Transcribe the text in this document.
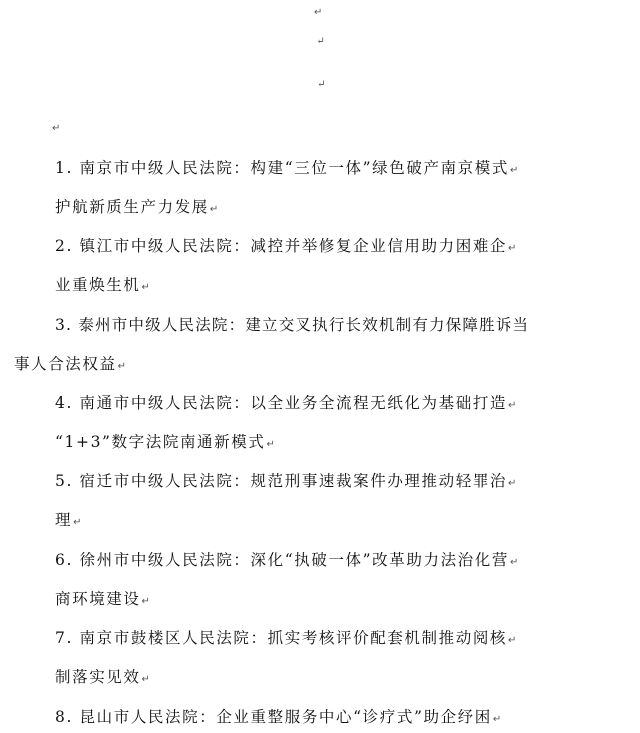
↵
↵
↵
↵
1. 南京市中级人民法院：构建“三位一体”绿色破产南京模式↵
护航新质生产力发展↵
2. 镇江市中级人民法院：减控并举修复企业信用助力困难企↵
业重焕生机↵
3. 泰州市中级人民法院：建立交叉执行长效机制有力保障胜诉当
事人合法权益↵
4. 南通市中级人民法院：以全业务全流程无纸化为基础打造↵
“1+3”数字法院南通新模式↵
5. 宿迁市中级人民法院：规范刑事速裁案件办理推动轻罪治↵
理↵
6. 徐州市中级人民法院：深化“执破一体”改革助力法治化营↵
商环境建设↵
7. 南京市鼓楼区人民法院：抓实考核评价配套机制推动阅核↵
制落实见效↵
8. 昆山市人民法院：企业重整服务中心“诊疗式”助企纾困↵
